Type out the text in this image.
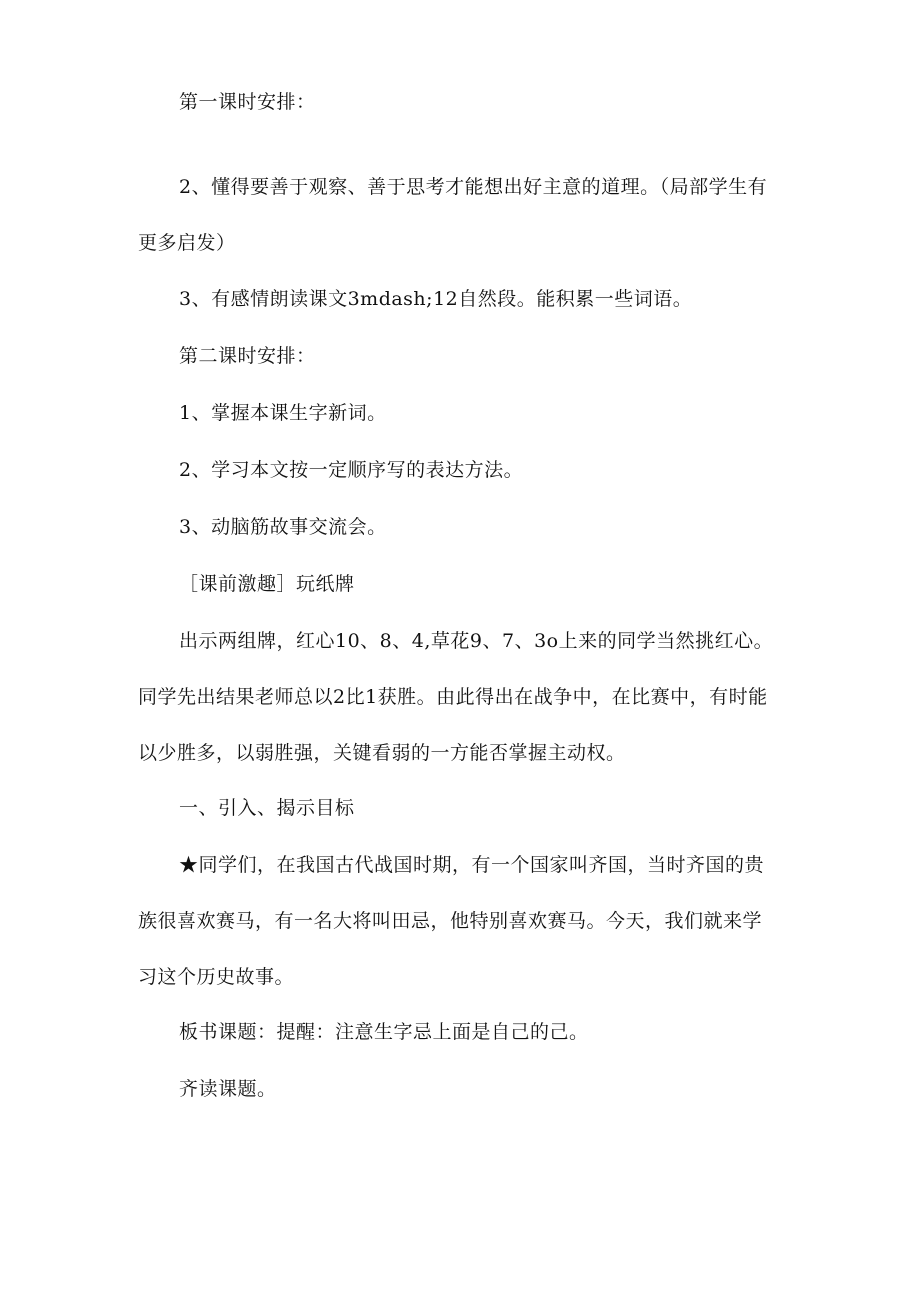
第一课时安排：

2、懂得要善于观察、善于思考才能想出好主意的道理。（局部学生有更多启发）

3、有感情朗读课文3mdash;12自然段。能积累一些词语。

第二课时安排：

1、掌握本课生字新词。

2、学习本文按一定顺序写的表达方法。

3、动脑筋故事交流会。

［课前激趣］玩纸牌

出示两组牌，红心10、8、4,草花9、7、3o上来的同学当然挑红心。同学先出结果老师总以2比1获胜。由此得出在战争中，在比赛中，有时能以少胜多，以弱胜强，关键看弱的一方能否掌握主动权。

一、引入、揭示目标

★同学们，在我国古代战国时期，有一个国家叫齐国，当时齐国的贵族很喜欢赛马，有一名大将叫田忌，他特别喜欢赛马。今天，我们就来学习这个历史故事。

板书课题：提醒：注意生字忌上面是自己的己。

齐读课题。
